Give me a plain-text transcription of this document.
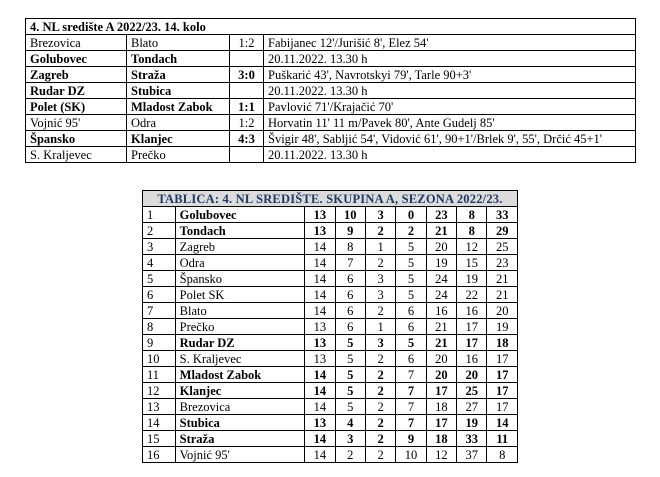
4. NL središte A 2022/23. 14. kolo			
Brezovica	Blato	1:2	Fabijanec 12'/Jurišić 8', Elez 54'
Golubovec	Tondach		20.11.2022. 13.30 h
Zagreb	Straža	3:0	Puškarić 43', Navrotskyi 79', Tarle 90+3'
Rudar DZ	Stubica		20.11.2022. 13.30 h
Polet (SK)	Mladost Zabok	1:1	Pavlović 71'/Krajačić 70'
Vojnić 95'	Odra	1:2	Horvatin 11' 11 m/Pavek 80', Ante Gudelj 85'
Špansko	Klanjec	4:3	Švigir 48', Sabljić 54', Vidović 61', 90+1'/Brlek 9', 55', Drčić 45+1'
S. Kraljevec	Prečko		20.11.2022. 13.30 h
TABLICA: 4. NL SREDIŠTE. SKUPINA A, SEZONA 2022/23.								
1	Golubovec	13	10	3	0	23	8	33
2	Tondach	13	9	2	2	21	8	29
3	Zagreb	14	8	1	5	20	12	25
4	Odra	14	7	2	5	19	15	23
5	Špansko	14	6	3	5	24	19	21
6	Polet SK	14	6	3	5	24	22	21
7	Blato	14	6	2	6	16	16	20
8	Prečko	13	6	1	6	21	17	19
9	Rudar DZ	13	5	3	5	21	17	18
10	S. Kraljevec	13	5	2	6	20	16	17
11	Mladost Zabok	14	5	2	7	20	20	17
12	Klanjec	14	5	2	7	17	25	17
13	Brezovica	14	5	2	7	18	27	17
14	Stubica	13	4	2	7	17	19	14
15	Straža	14	3	2	9	18	33	11
16	Vojnić 95'	14	2	2	10	12	37	8
